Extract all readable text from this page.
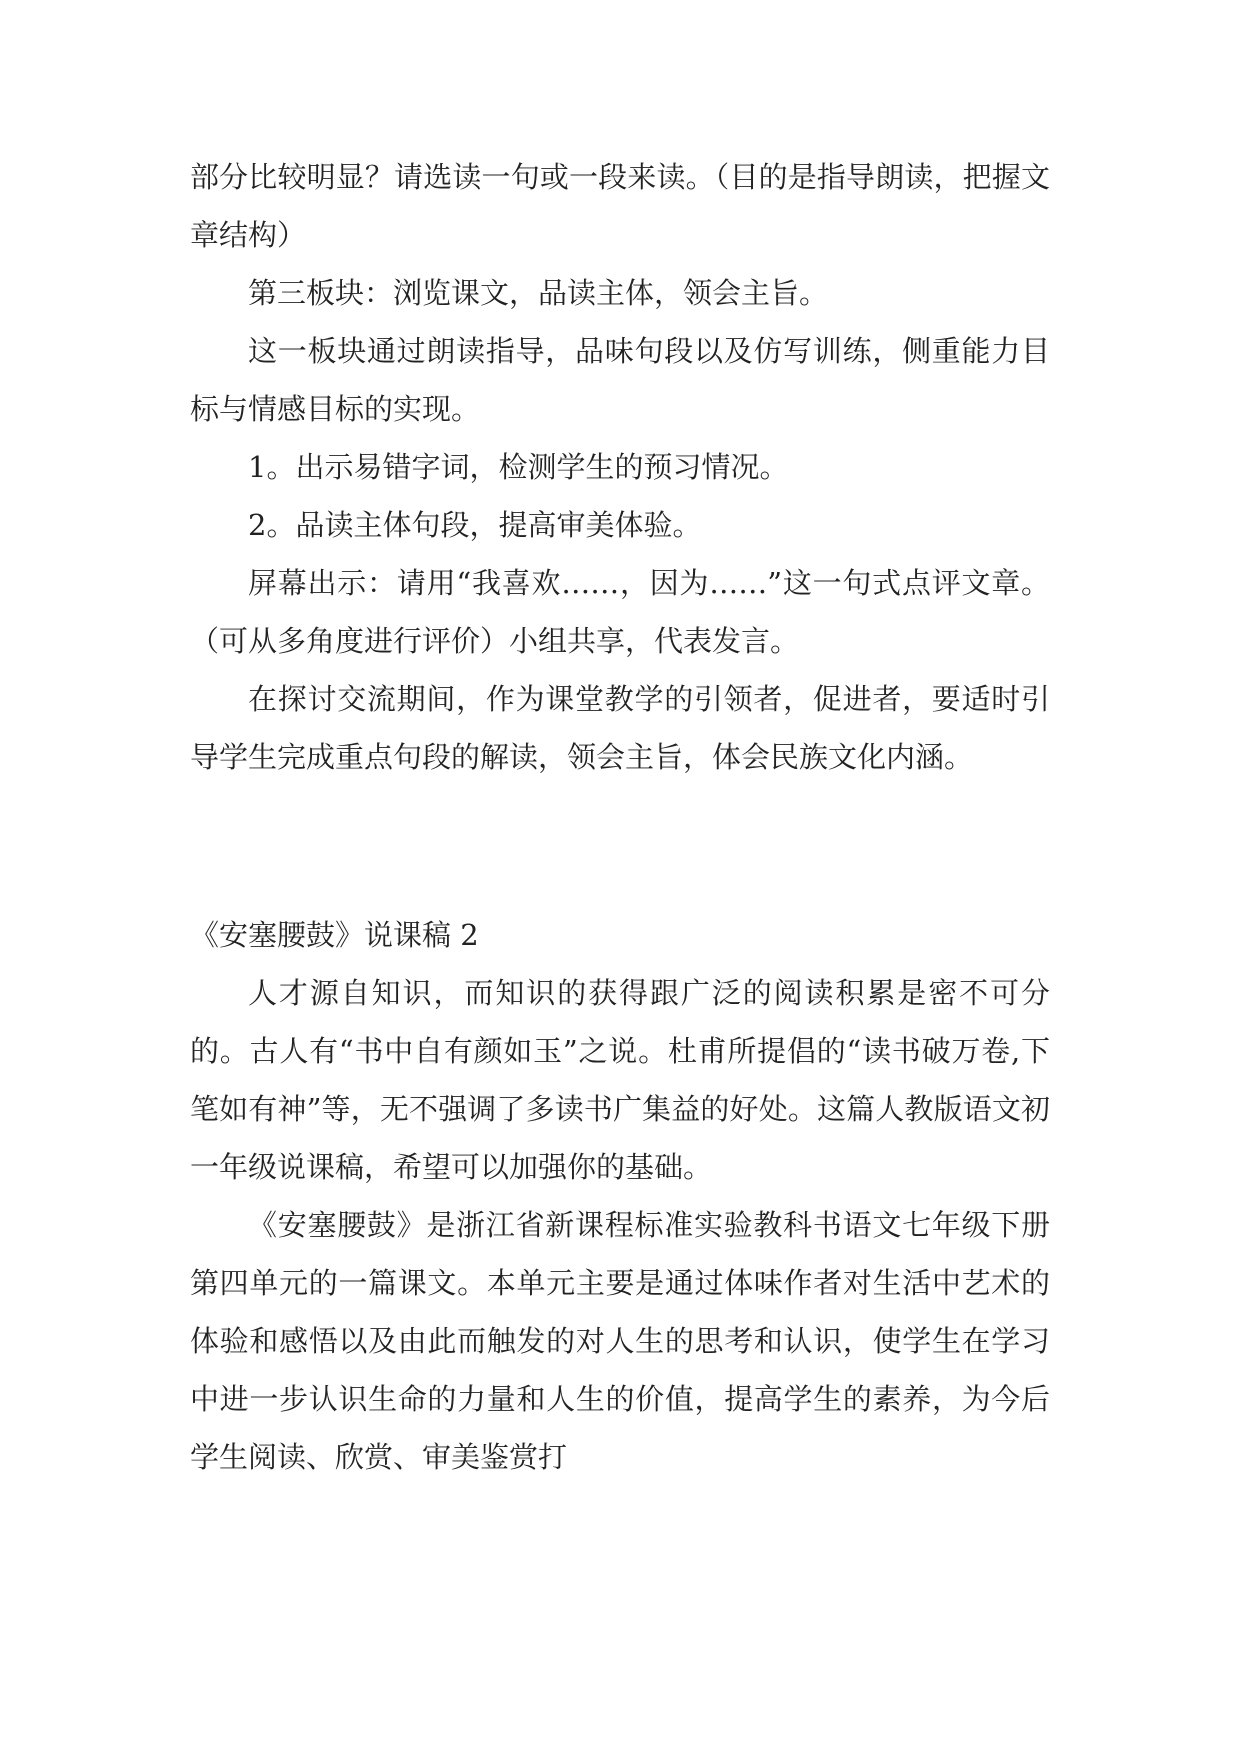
部分比较明显？请选读一句或一段来读。（目的是指导朗读，把握文章结构）

第三板块：浏览课文，品读主体，领会主旨。

这一板块通过朗读指导，品味句段以及仿写训练，侧重能力目标与情感目标的实现。

1。出示易错字词，检测学生的预习情况。

2。品读主体句段，提高审美体验。

屏幕出示：请用“我喜欢……，因为……”这一句式点评文章。（可从多角度进行评价）小组共享，代表发言。

在探讨交流期间，作为课堂教学的引领者，促进者，要适时引导学生完成重点句段的解读，领会主旨，体会民族文化内涵。

《安塞腰鼓》说课稿 2

人才源自知识，而知识的获得跟广泛的阅读积累是密不可分的。古人有“书中自有颜如玉”之说。杜甫所提倡的“读书破万卷,下笔如有神”等，无不强调了多读书广集益的好处。这篇人教版语文初一年级说课稿，希望可以加强你的基础。

《安塞腰鼓》是浙江省新课程标准实验教科书语文七年级下册第四单元的一篇课文。本单元主要是通过体味作者对生活中艺术的体验和感悟以及由此而触发的对人生的思考和认识，使学生在学习中进一步认识生命的力量和人生的价值，提高学生的素养，为今后学生阅读、欣赏、审美鉴赏打
